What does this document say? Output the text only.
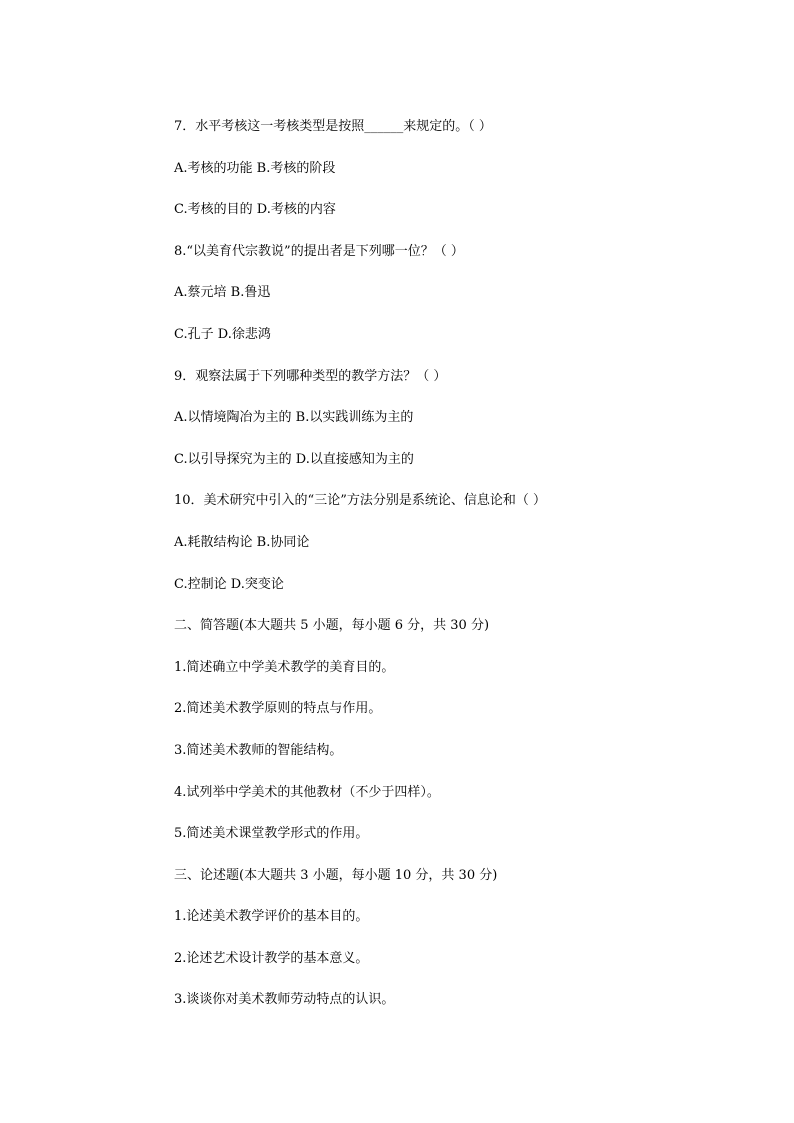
7．水平考核这一考核类型是按照______来规定的。（ ）
A.考核的功能 B.考核的阶段
C.考核的目的 D.考核的内容
8.“以美育代宗教说”的提出者是下列哪一位？（ ）
A.蔡元培 B.鲁迅
C.孔子 D.徐悲鸿
9．观察法属于下列哪种类型的教学方法？（ ）
A.以情境陶冶为主的 B.以实践训练为主的
C.以引导探究为主的 D.以直接感知为主的
10．美术研究中引入的“三论”方法分别是系统论、信息论和（ ）
A.耗散结构论 B.协同论
C.控制论 D.突变论
二、简答题(本大题共 5 小题，每小题 6 分，共 30 分)
1.简述确立中学美术教学的美育目的。
2.简述美术教学原则的特点与作用。
3.简述美术教师的智能结构。
4.试列举中学美术的其他教材（不少于四样）。
5.简述美术课堂教学形式的作用。
三、论述题(本大题共 3 小题，每小题 10 分，共 30 分)
1.论述美术教学评价的基本目的。
2.论述艺术设计教学的基本意义。
3.谈谈你对美术教师劳动特点的认识。
